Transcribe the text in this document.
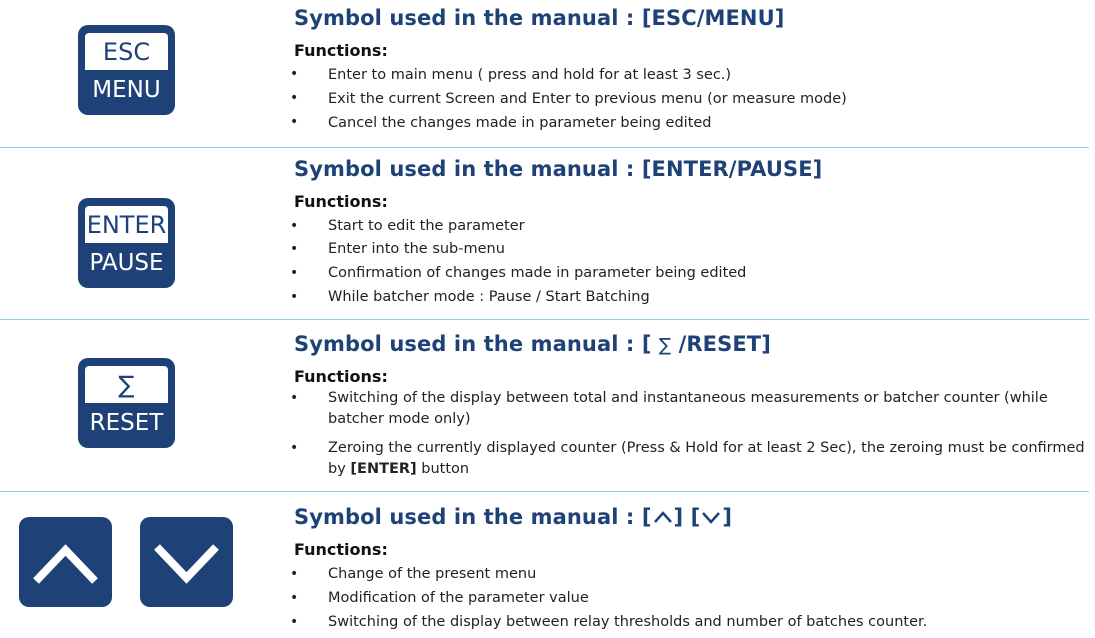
ESC
MENU
Symbol used in the manual : [ESC/MENU]
Functions:
• Enter to main menu ( press and hold for at least 3 sec.)
• Exit the current Screen and Enter to previous menu (or measure mode)
• Cancel the changes made in parameter being edited
ENTER
PAUSE
Symbol used in the manual : [ENTER/PAUSE]
Functions:
• Start to edit the parameter
• Enter into the sub-menu
• Confirmation of changes made in parameter being edited
• While batcher mode : Pause / Start Batching
∑
RESET
Symbol used in the manual : [ ∑ /RESET]
Functions:
• Switching of the display between total and instantaneous measurements or batcher counter (while batcher mode only)
• Zeroing the currently displayed counter (Press & Hold for at least 2 Sec), the zeroing must be confirmed by [ENTER] button
Symbol used in the manual : [ ] [ ]
Functions:
• Change of the present menu
• Modification of the parameter value
• Switching of the display between relay thresholds and number of batches counter.
